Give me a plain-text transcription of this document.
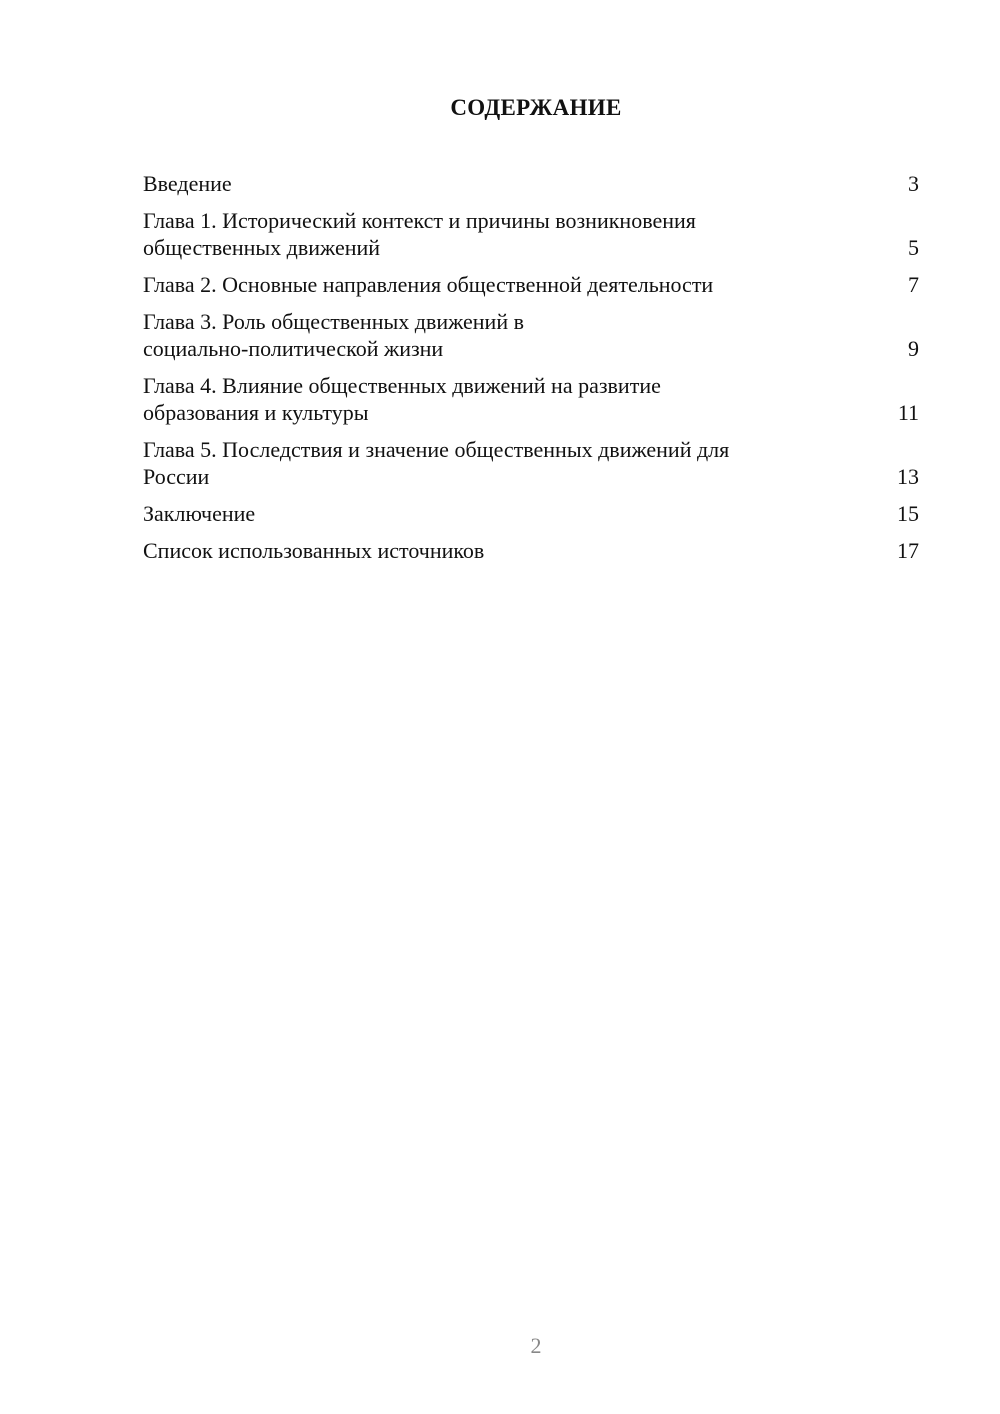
СОДЕРЖАНИЕ
Введение	3
Глава 1. Исторический контекст и причины возникновения
общественных движений	5
Глава 2. Основные направления общественной деятельности	7
Глава 3. Роль общественных движений в
социально-политической жизни	9
Глава 4. Влияние общественных движений на развитие
образования и культуры	11
Глава 5. Последствия и значение общественных движений для
России	13
Заключение	15
Список использованных источников	17
2
